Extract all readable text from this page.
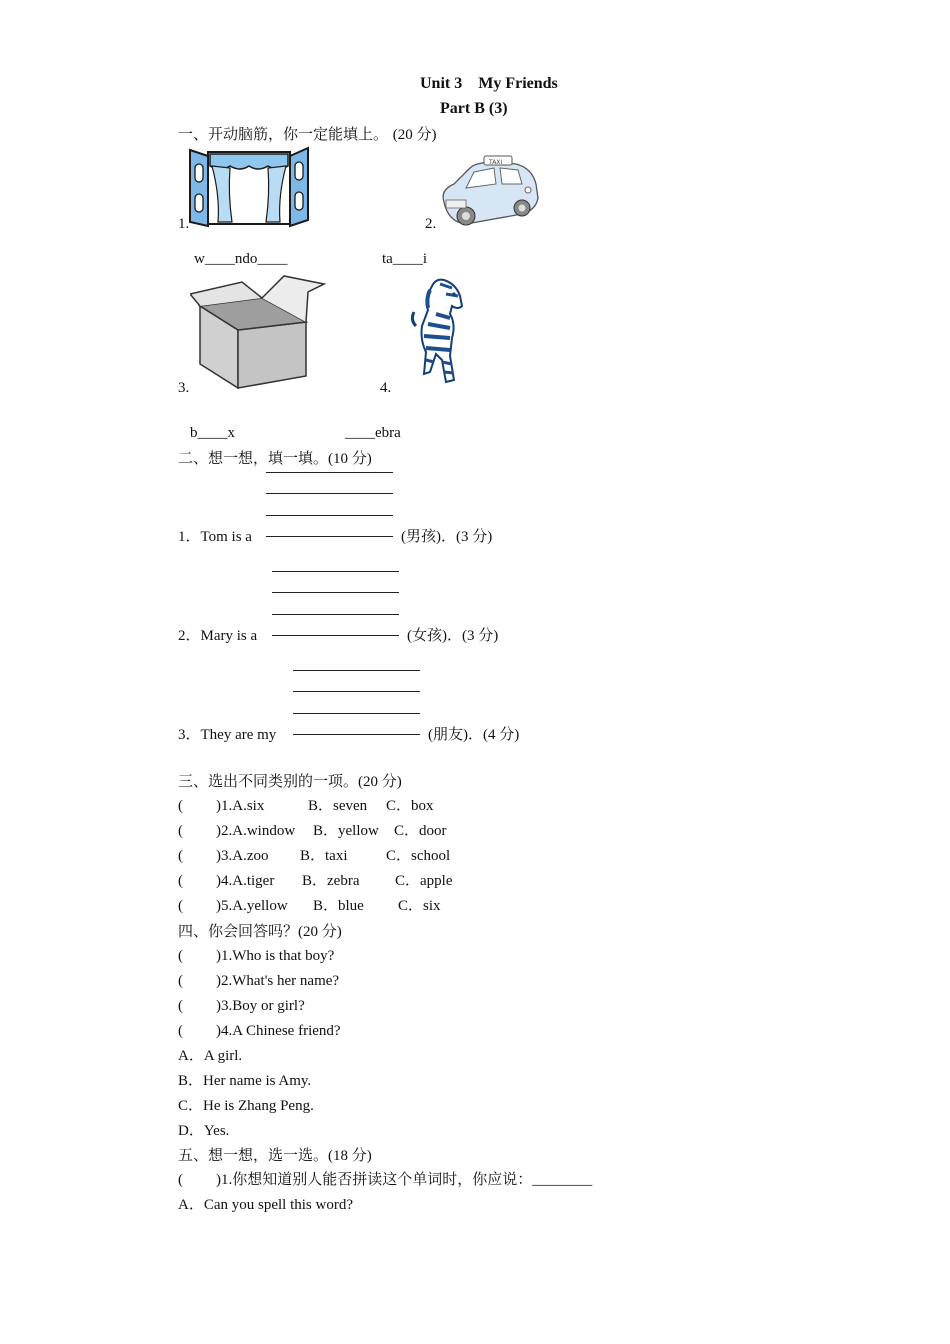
Unit 3　My Friends
Part B (3)
一、开动脑筋，你一定能填上。 (20 分)
1.
TAXI
2.
w____ndo____	ta____i
3.	4.
b____x	____ebra
二、想一想，填一填。(10 分)
1．Tom is a	(男孩)．(3 分)
2．Mary is a	(女孩)．(3 分)
3．They are my	(朋友)．(4 分)
三、选出不同类别的一项。(20 分)
( )1.A.six	B．seven C．box
( )2.A.window B．yellow C．door
( )3.A.zoo B．taxi	C．school
( )4.A.tiger B．zebra C．apple
( )5.A.yellow B．blue C．six
四、你会回答吗？(20 分)
( )1.Who is that boy?
( )2.What's her name?
( )3.Boy or girl?
( )4.A Chinese friend?
A．A girl.
B．Her name is Amy.
C．He is Zhang Peng.
D．Yes.
五、想一想，选一选。(18 分)
( )1.你想知道别人能否拼读这个单词时，你应说：________
A．Can you spell this word?
